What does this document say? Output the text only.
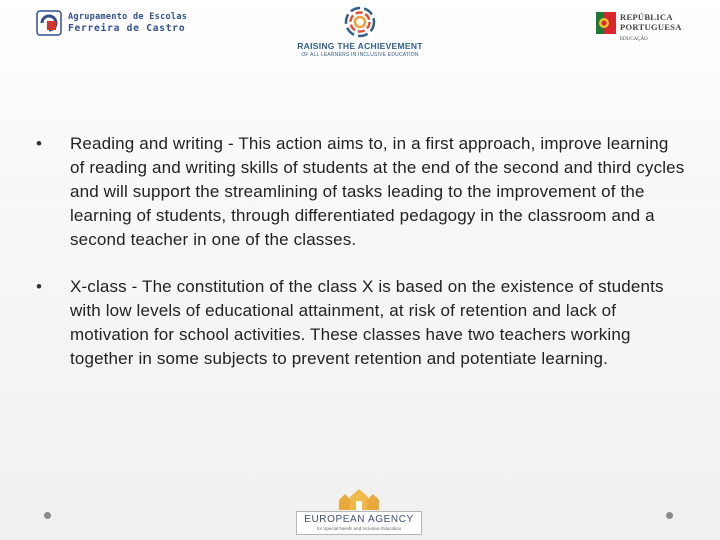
Agrupamento de Escolas
Ferreira de Castro
RAISING THE ACHIEVEMENT
OF ALL LEARNERS IN INCLUSIVE EDUCATION
REPÚBLICA
PORTUGUESA
EDUCAÇÃO
•	Reading and writing - This action aims to, in a first approach, improve learning of reading and writing skills of students at the end of the second and third cycles and will support the streamlining of tasks leading to the improvement of the learning of students, through differentiated pedagogy in the classroom and a second teacher in one of the classes.
•	X-class - The constitution of the class X is based on the existence of students with low levels of educational attainment, at risk of retention and lack of motivation for school activities. These classes have two teachers working together in some subjects to prevent retention and potentiate learning.
EUROPEAN AGENCY
for Special Needs and Inclusive Education
